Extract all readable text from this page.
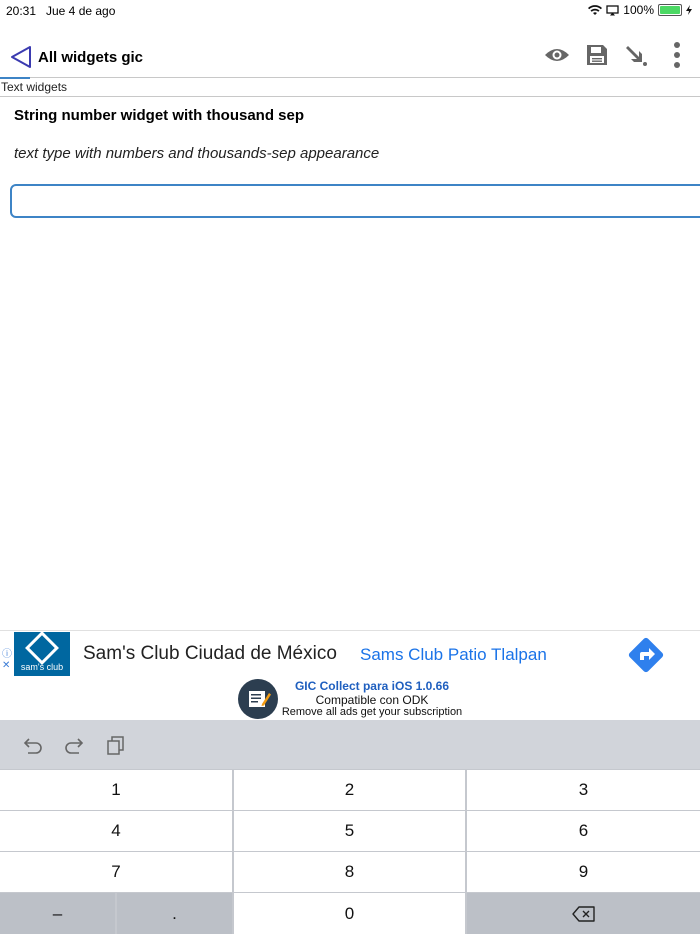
20:31 Jue 4 de ago	100%
All widgets gic
Text widgets
String number widget with thousand sep
text type with numbers and thousands-sep appearance
ⓘ
✕	sam's club
Sam's Club Ciudad de México Sams Club Patio Tlalpan
GIC Collect para iOS 1.0.66
Compatible con ODK
Remove all ads get your subscription
1	2	3
4	5	6
7	8	9
–	.	0
